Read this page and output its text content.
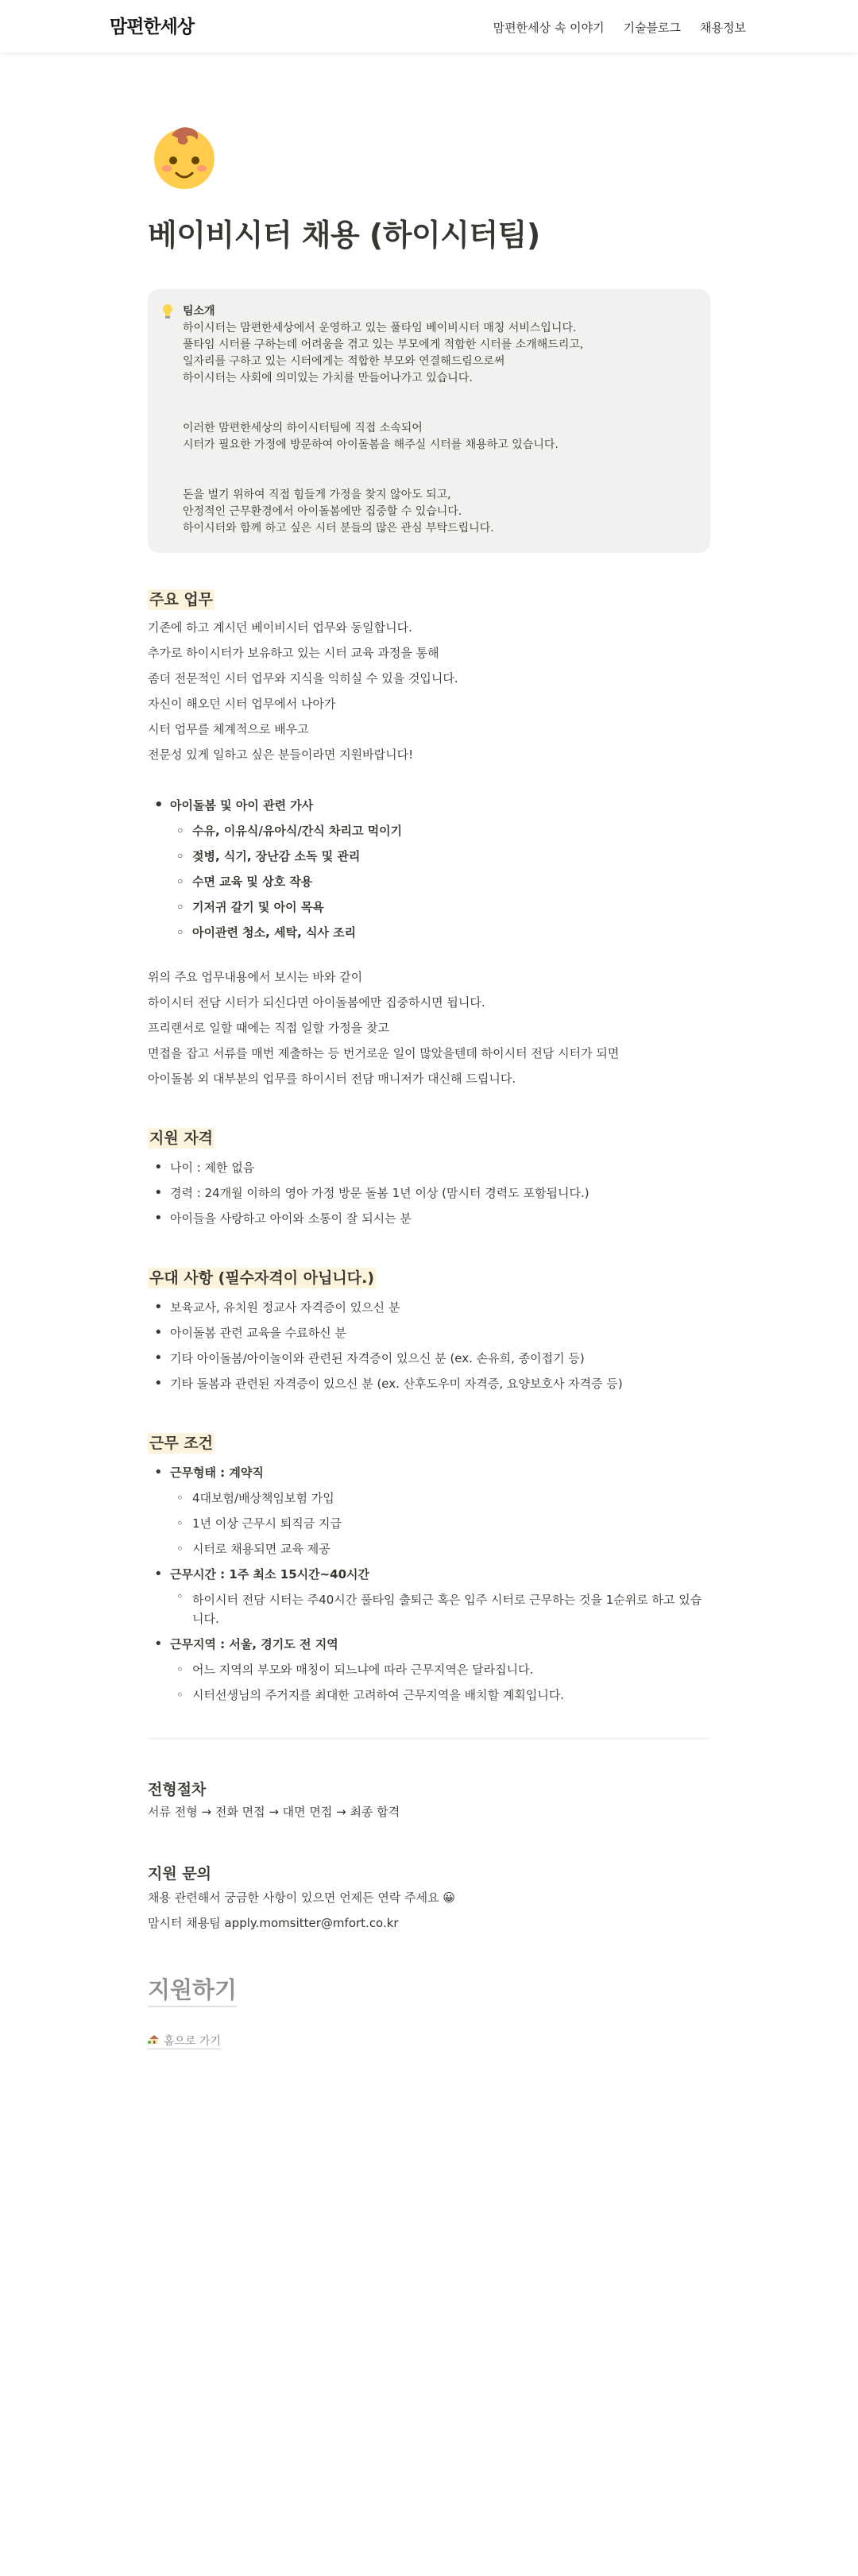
맘편한세상	맘편한세상 속 이야기 기술블로그 채용정보
베이비시터 채용 (하이시터팀)

팀소개

하이시터는 맘편한세상에서 운영하고 있는 풀타임 베이비시터 매칭 서비스입니다.

풀타임 시터를 구하는데 어려움을 겪고 있는 부모에게 적합한 시터를 소개해드리고,

일자리를 구하고 있는 시터에게는 적합한 부모와 연결해드림으로써

하이시터는 사회에 의미있는 가치를 만들어나가고 있습니다.

이러한 맘편한세상의 하이시터팀에 직접 소속되어

시터가 필요한 가정에 방문하여 아이돌봄을 해주실 시터를 채용하고 있습니다.

돈을 벌기 위하여 직접 힘들게 가정을 찾지 않아도 되고,

안정적인 근무환경에서 아이돌봄에만 집중할 수 있습니다.

하이시터와 함께 하고 싶은 시터 분들의 많은 관심 부탁드립니다.

주요 업무

기존에 하고 계시던 베이비시터 업무와 동일합니다.

추가로 하이시터가 보유하고 있는 시터 교육 과정을 통해

좀더 전문적인 시터 업무와 지식을 익히실 수 있을 것입니다.

자신이 해오던 시터 업무에서 나아가

시터 업무를 체계적으로 배우고

전문성 있게 일하고 싶은 분들이라면 지원바랍니다!

• 아이돌봄 및 아이 관련 가사
◦ 수유, 이유식/유아식/간식 차리고 먹이기
◦ 젖병, 식기, 장난감 소독 및 관리
◦ 수면 교육 및 상호 작용
◦ 기저귀 갈기 및 아이 목욕
◦ 아이관련 청소, 세탁, 식사 조리

위의 주요 업무내용에서 보시는 바와 같이

하이시터 전담 시터가 되신다면 아이돌봄에만 집중하시면 됩니다.

프리랜서로 일할 때에는 직접 일할 가정을 찾고

면접을 잡고 서류를 매번 제출하는 등 번거로운 일이 많았을텐데 하이시터 전담 시터가 되면

아이돌봄 외 대부분의 업무를 하이시터 전담 매니저가 대신해 드립니다.

지원 자격
• 나이 : 제한 없음
• 경력 : 24개월 이하의 영아 가정 방문 돌봄 1년 이상 (맘시터 경력도 포함됩니다.)
• 아이들을 사랑하고 아이와 소통이 잘 되시는 분
우대 사항 (필수자격이 아닙니다.)
• 보육교사, 유치원 정교사 자격증이 있으신 분
• 아이돌봄 관련 교육을 수료하신 분
• 기타 아이돌봄/아이놀이와 관련된 자격증이 있으신 분 (ex. 손유희, 종이접기 등)
• 기타 돌봄과 관련된 자격증이 있으신 분 (ex. 산후도우미 자격증, 요양보호사 자격증 등)
근무 조건
• 근무형태 : 계약직
◦ 4대보험/배상책임보험 가입
◦ 1년 이상 근무시 퇴직금 지급
◦ 시터로 채용되면 교육 제공
• 근무시간 : 1주 최소 15시간~40시간
◦ 하이시터 전담 시터는 주40시간 풀타임 출퇴근 혹은 입주 시터로 근무하는 것을 1순위로 하고 있습니다.
• 근무지역 : 서울, 경기도 전 지역
◦ 어느 지역의 부모와 매칭이 되느냐에 따라 근무지역은 달라집니다.
◦ 시터선생님의 주거지를 최대한 고려하여 근무지역을 배치할 계획입니다.
전형절차

서류 전형 → 전화 면접 → 대면 면접 → 최종 합격

지원 문의

채용 관련해서 궁금한 사항이 있으면 언제든 연락 주세요 😀

맘시터 채용팀 apply.momsitter@mfort.co.kr

지원하기
홈으로 가기
